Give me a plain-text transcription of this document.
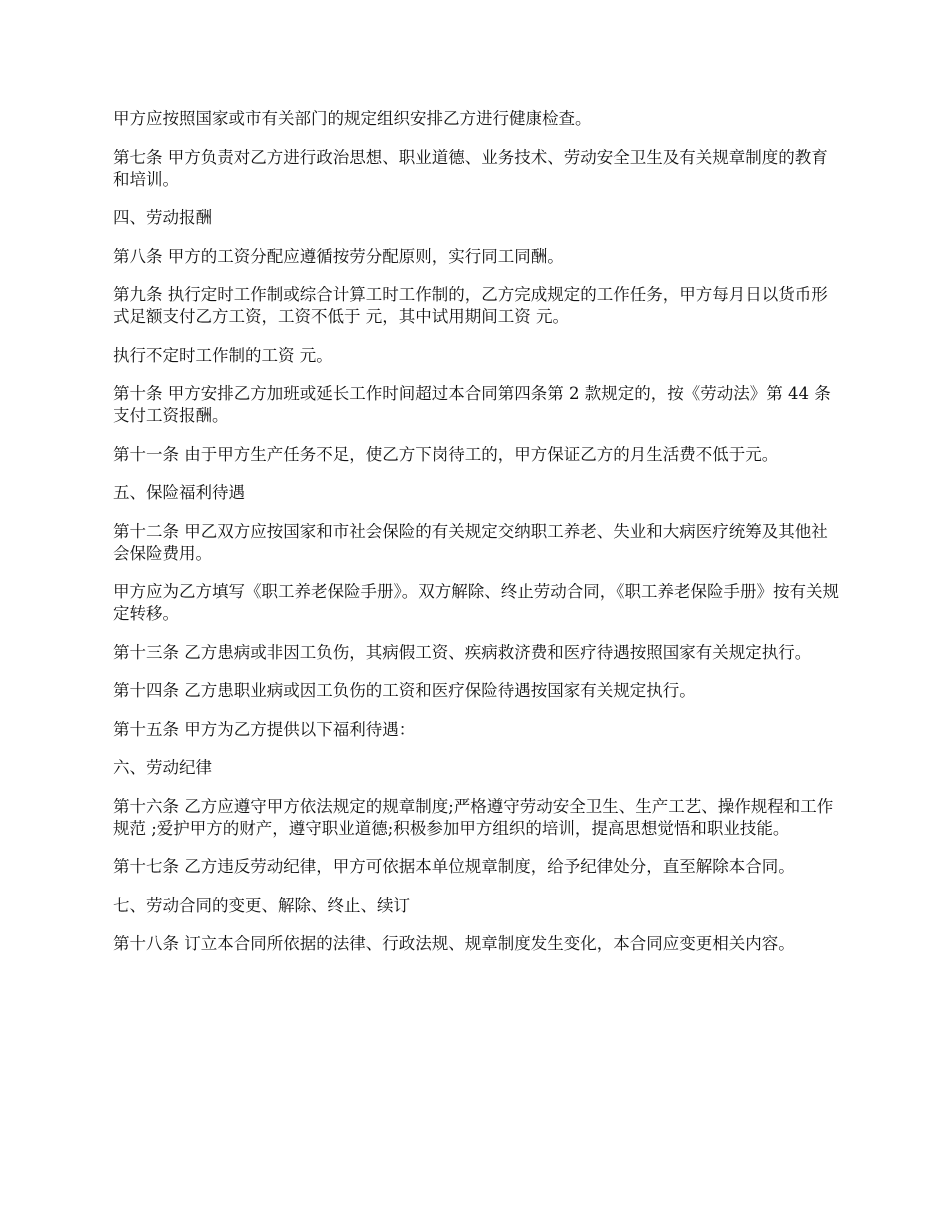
甲方应按照国家或市有关部门的规定组织安排乙方进行健康检查。

第七条 甲方负责对乙方进行政治思想、职业道德、业务技术、劳动安全卫生及有关规章制度的教育和培训。

四、劳动报酬

第八条 甲方的工资分配应遵循按劳分配原则，实行同工同酬。

第九条 执行定时工作制或综合计算工时工作制的，乙方完成规定的工作任务，甲方每月日以货币形式足额支付乙方工资，工资不低于 元，其中试用期间工资 元。

执行不定时工作制的工资 元。

第十条 甲方安排乙方加班或延长工作时间超过本合同第四条第 2 款规定的，按《劳动法》第 44 条支付工资报酬。

第十一条 由于甲方生产任务不足，使乙方下岗待工的，甲方保证乙方的月生活费不低于元。

五、保险福利待遇

第十二条 甲乙双方应按国家和市社会保险的有关规定交纳职工养老、失业和大病医疗统筹及其他社会保险费用。

甲方应为乙方填写《职工养老保险手册》。双方解除、终止劳动合同，《职工养老保险手册》按有关规定转移。

第十三条 乙方患病或非因工负伤，其病假工资、疾病救济费和医疗待遇按照国家有关规定执行。

第十四条 乙方患职业病或因工负伤的工资和医疗保险待遇按国家有关规定执行。

第十五条 甲方为乙方提供以下福利待遇：

六、劳动纪律

第十六条 乙方应遵守甲方依法规定的规章制度;严格遵守劳动安全卫生、生产工艺、操作规程和工作规范 ;爱护甲方的财产，遵守职业道德;积极参加甲方组织的培训，提高思想觉悟和职业技能。

第十七条 乙方违反劳动纪律，甲方可依据本单位规章制度，给予纪律处分，直至解除本合同。

七、劳动合同的变更、解除、终止、续订

第十八条 订立本合同所依据的法律、行政法规、规章制度发生变化，本合同应变更相关内容。
